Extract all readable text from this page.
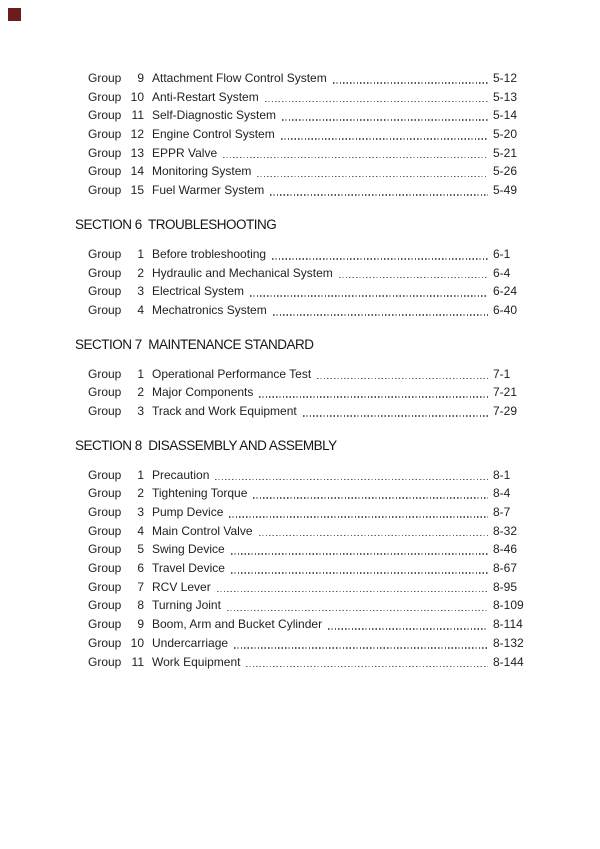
Group	9 Attachment Flow Control System	5-12
Group 10 Anti-Restart System	5-13
Group 11 Self-Diagnostic System	5-14
Group 12 Engine Control System	5-20
Group 13 EPPR Valve	5-21
Group 14 Monitoring System	5-26
Group 15 Fuel Warmer System	5-49
SECTION 6  TROUBLESHOOTING
Group	1 Before trobleshooting	6-1
Group	2 Hydraulic and Mechanical System	6-4
Group	3 Electrical System	6-24
Group	4 Mechatronics System	6-40
SECTION 7  MAINTENANCE STANDARD
Group	1 Operational Performance Test	7-1
Group	2 Major Components	7-21
Group	3 Track and Work Equipment	7-29
SECTION 8  DISASSEMBLY AND ASSEMBLY
Group	1 Precaution	8-1
Group	2 Tightening Torque	8-4
Group	3 Pump Device	8-7
Group	4 Main Control Valve	8-32
Group	5 Swing Device	8-46
Group	6 Travel Device	8-67
Group	7 RCV Lever	8-95
Group	8 Turning Joint	8-109
Group	9 Boom, Arm and Bucket Cylinder	8-114
Group 10 Undercarriage	8-132
Group 11 Work Equipment	8-144
